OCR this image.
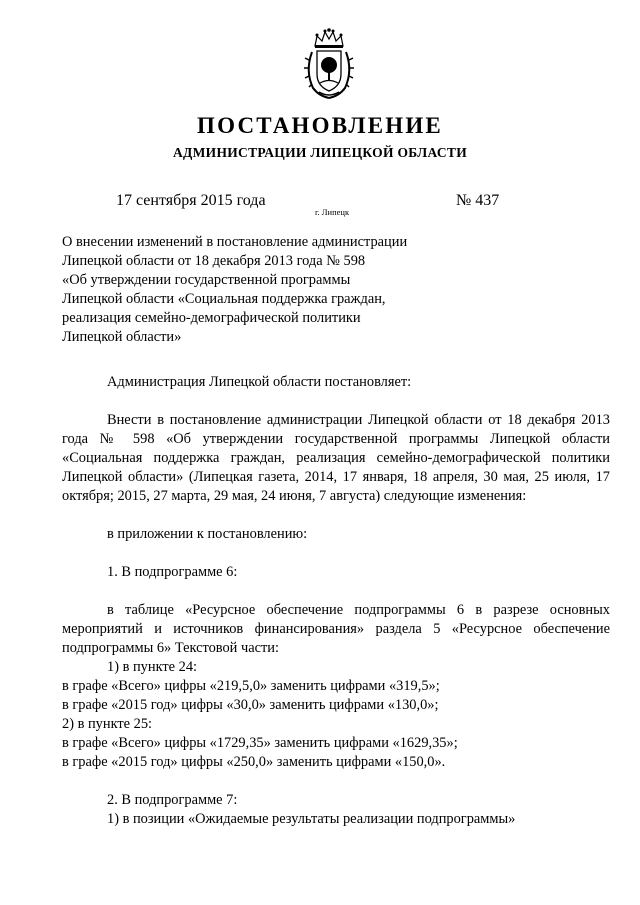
ПОСТАНОВЛЕНИЕ
АДМИНИСТРАЦИИ ЛИПЕЦКОЙ ОБЛАСТИ
17 сентября 2015 года
г. Липецк
№ 437
О внесении изменений в постановление администрации
Липецкой области от 18 декабря 2013 года № 598
«Об утверждении государственной программы
Липецкой области «Социальная поддержка граждан,
реализация семейно-демографической политики
Липецкой области»

Администрация Липецкой области постановляет:

Внести в постановление администрации Липецкой области от 18 декабря 2013 года № 598 «Об утверждении государственной программы Липецкой области «Социальная поддержка граждан, реализация семейно-демографической политики Липецкой области» (Липецкая газета, 2014, 17 января, 18 апреля, 30 мая, 25 июля, 17 октября; 2015, 27 марта, 29 мая, 24 июня, 7 августа) следующие изменения:

в приложении к постановлению:

1. В подпрограмме 6:

в таблице «Ресурсное обеспечение подпрограммы 6 в разрезе основных мероприятий и источников финансирования» раздела 5 «Ресурсное обеспечение подпрограммы 6» Текстовой части:

1) в пункте 24:

в графе «Всего» цифры «219,5,0» заменить цифрами «319,5»;

в графе «2015 год» цифры «30,0» заменить цифрами «130,0»;

2) в пункте 25:

в графе «Всего» цифры «1729,35» заменить цифрами «1629,35»;

в графе «2015 год» цифры «250,0» заменить цифрами «150,0».

2. В подпрограмме 7:

1) в позиции «Ожидаемые результаты реализации подпрограммы»
